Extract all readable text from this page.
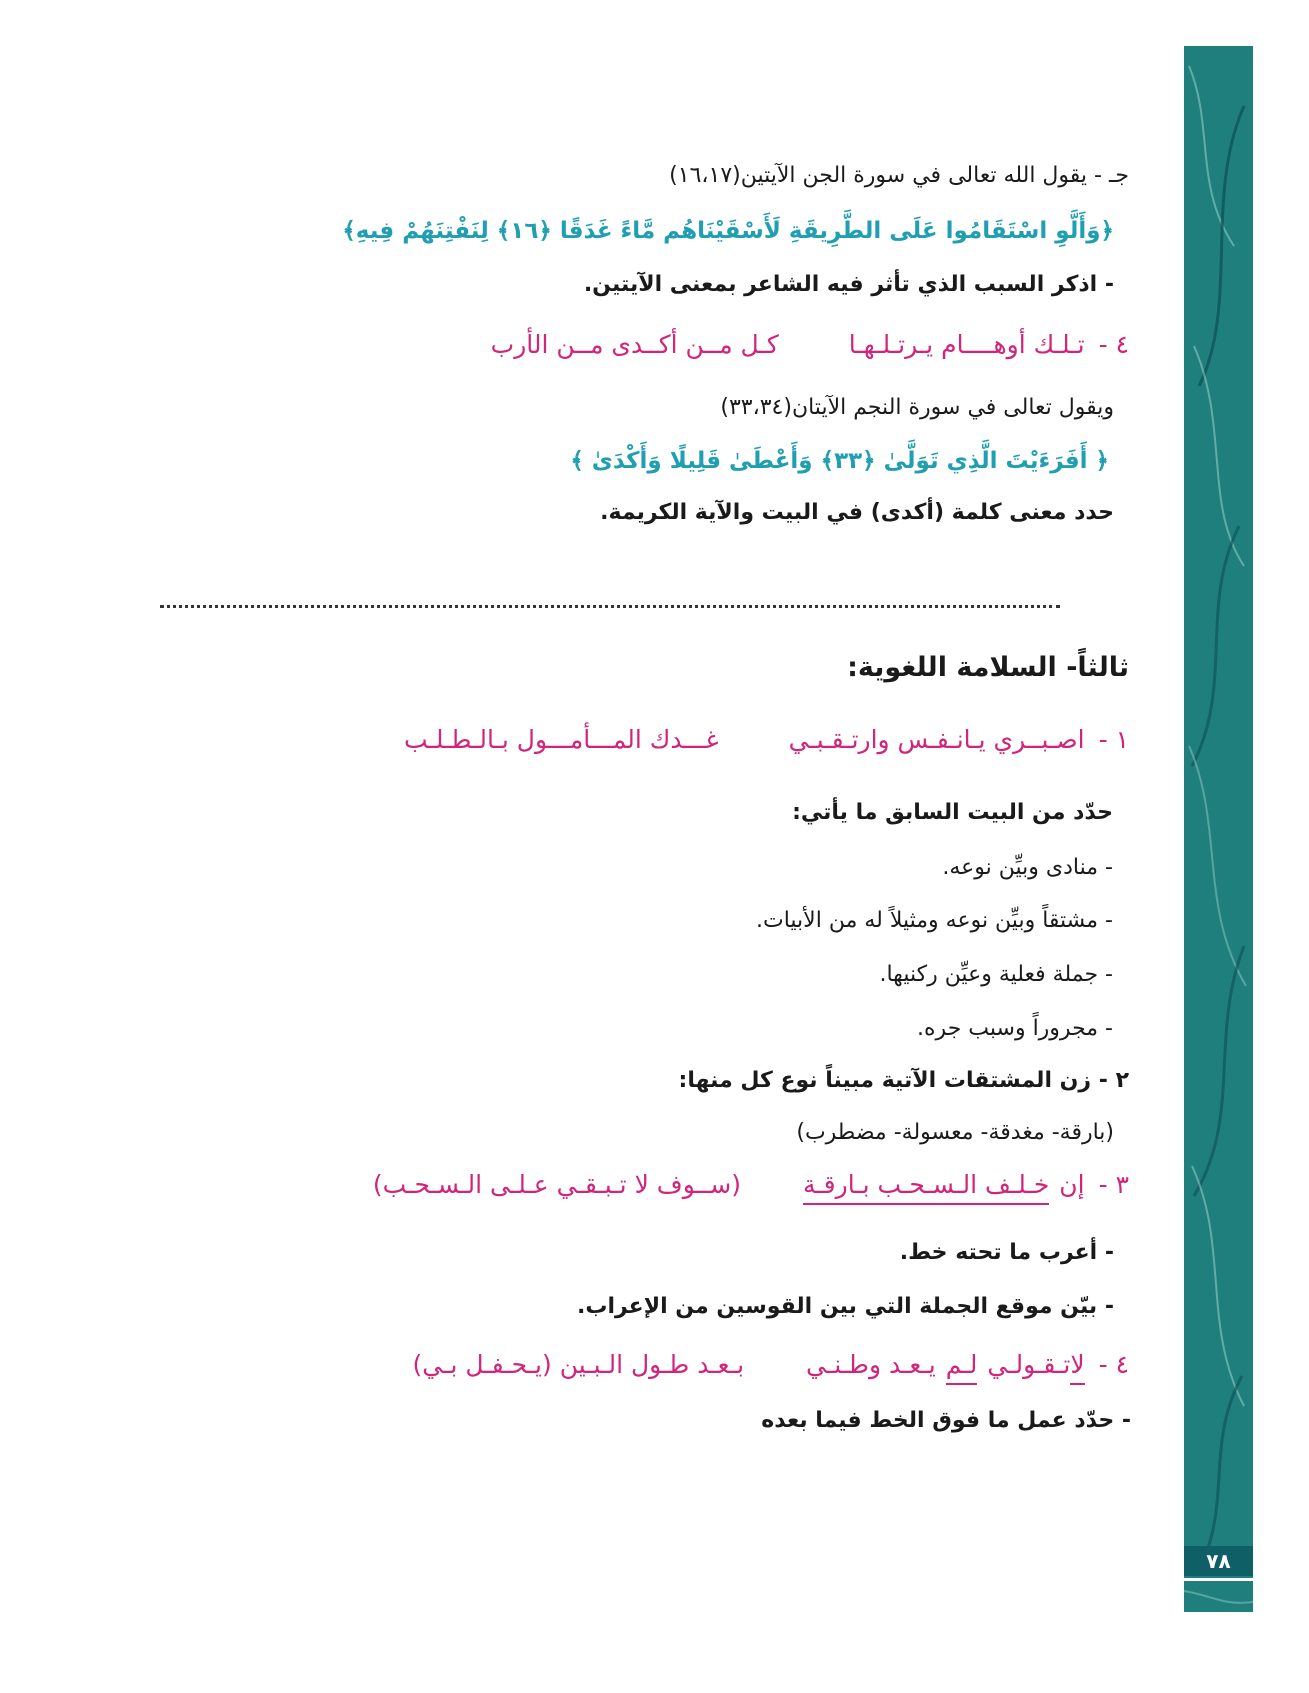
٧٨
جـ - يقول الله تعالى في سورة الجن الآيتين(١٦،١٧)
﴿وَأَلَّوِ اسْتَقَامُوا عَلَى الطَّرِيقَةِ لَأَسْقَيْنَاهُم مَّاءً غَدَقًا ﴿١٦﴾ لِنَفْتِنَهُمْ فِيهِ﴾
- اذكر السبب الذي تأثر فيه الشاعر بمعنى الآيتين.
٤ -
تـلـك أوهــــام يـرتـلـهـا
كـل مــن أكــدى مــن الأرب
ويقول تعالى في سورة النجم الآيتان(٣٣،٣٤)
﴿ أَفَرَءَيْتَ الَّذِي تَوَلَّىٰ ﴿٣٣﴾ وَأَعْطَىٰ قَلِيلًا وَأَكْدَىٰ ﴾
حدد معنى كلمة (أكدى) في البيت والآية الكريمة.
ثالثاً- السلامة اللغوية:
١ -
اصـبــري يـانـفـس وارتـقـبـي
غـــدك المـــأمـــول بـالـطـلـب
حدّد من البيت السابق ما يأتي:
- منادى وبيِّن نوعه.
- مشتقاً وبيِّن نوعه ومثيلاً له من الأبيات.
- جملة فعلية وعيِّن ركنيها.
- مجروراً وسبب جره.
٢ - زن المشتقات الآتية مبيناً نوع كل منها:
(بارقة- مغدقة- معسولة- مضطرب)
٣ -
إن
خـلـف الـسـحـب بـارقـة
(ســوف لا تـبـقـي عـلـى الـسـحـب)
- أعرب ما تحته خط.
- بيّن موقع الجملة التي بين القوسين من الإعراب.
٤ -
لا
تـقـولـي
لـم
يـعـد وطـنـي
بـعـد طـول الـبـين (يـحـفـل بـي)
- حدّد عمل ما فوق الخط فيما بعده
